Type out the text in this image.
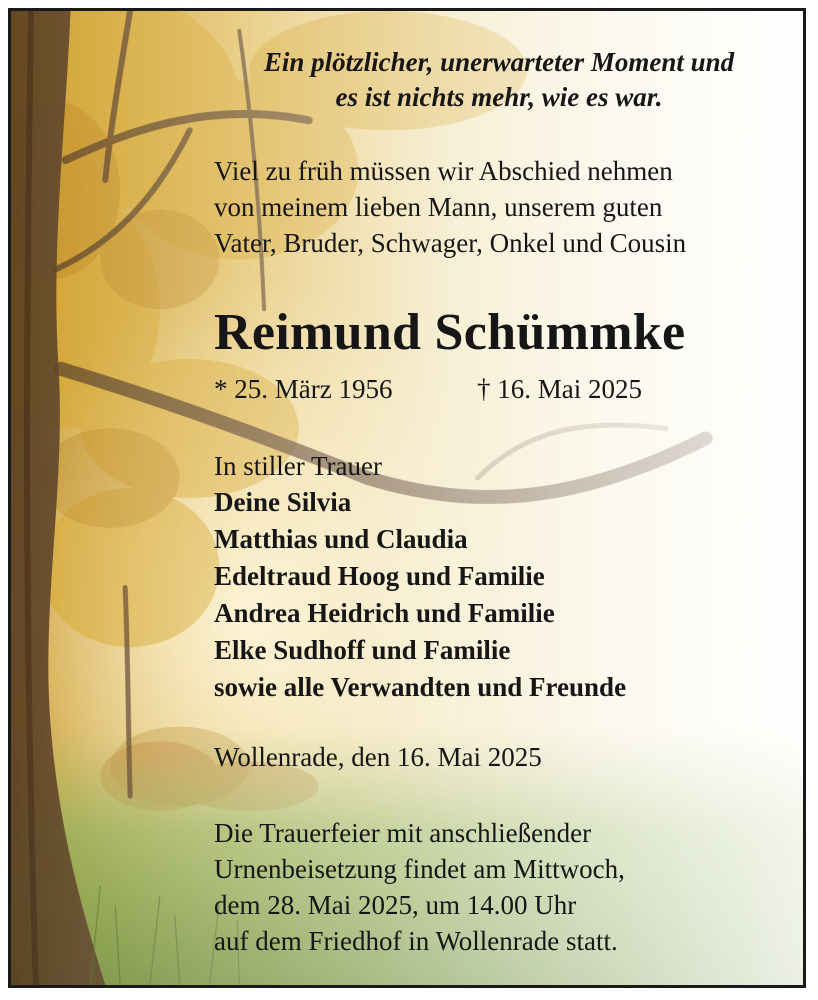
Ein plötzlicher, unerwarteter Moment und
es ist nichts mehr, wie es war.
Viel zu früh müssen wir Abschied nehmen
von meinem lieben Mann, unserem guten
Vater, Bruder, Schwager, Onkel und Cousin
Reimund Schümmke
* 25. März 1956	† 16. Mai 2025
In stiller Trauer
Deine Silvia
Matthias und Claudia
Edeltraud Hoog und Familie
Andrea Heidrich und Familie
Elke Sudhoff und Familie
sowie alle Verwandten und Freunde
Wollenrade, den 16. Mai 2025
Die Trauerfeier mit anschließender
Urnenbeisetzung findet am Mittwoch,
dem 28. Mai 2025, um 14.00 Uhr
auf dem Friedhof in Wollenrade statt.
